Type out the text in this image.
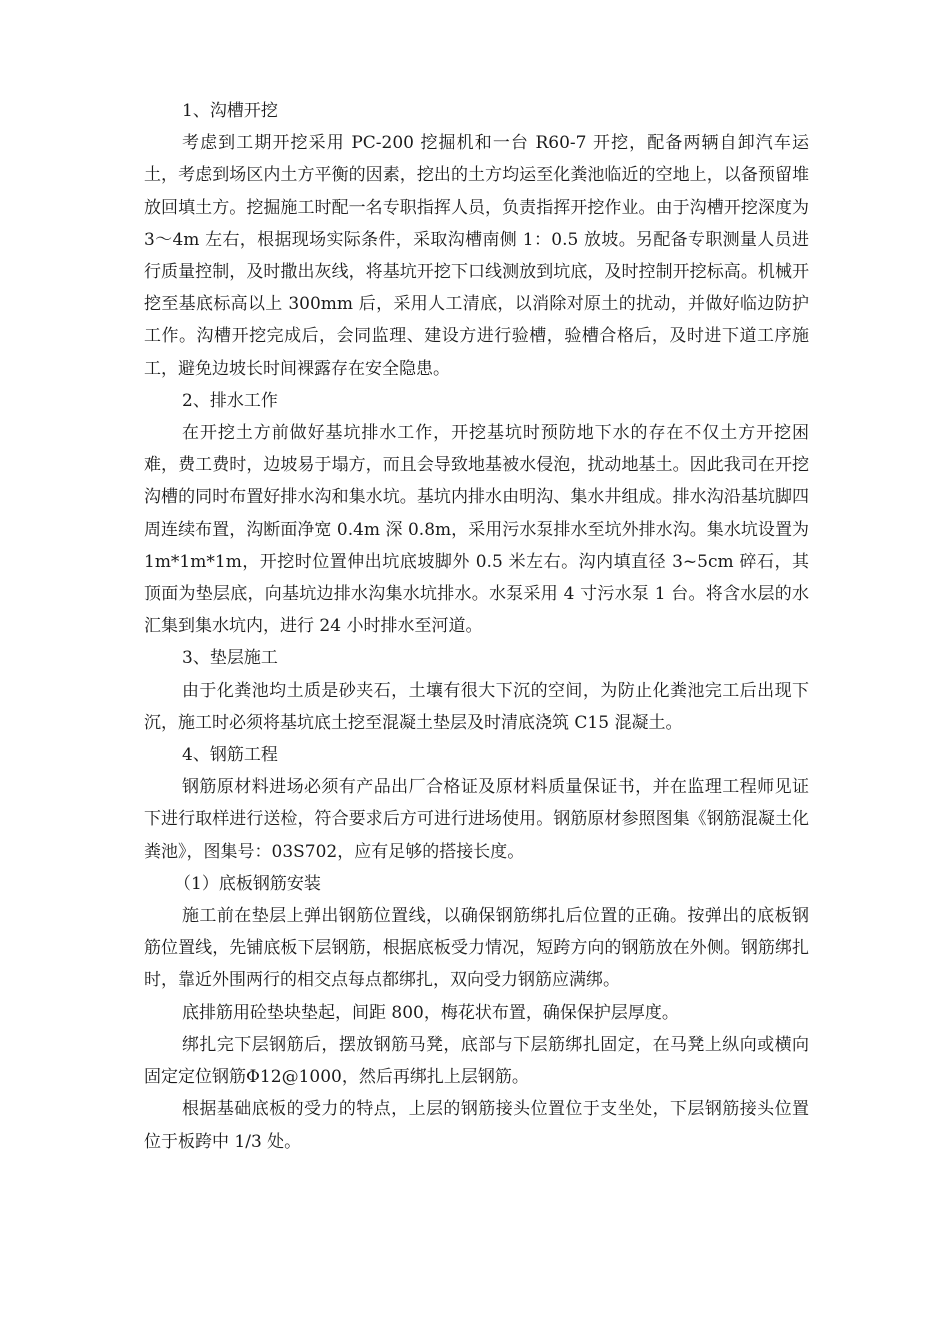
1、沟槽开挖

考虑到工期开挖采用 PC-200 挖掘机和一台 R60-7 开挖，配备两辆自卸汽车运土，考虑到场区内土方平衡的因素，挖出的土方均运至化粪池临近的空地上，以备预留堆放回填土方。挖掘施工时配一名专职指挥人员，负责指挥开挖作业。由于沟槽开挖深度为 3～4m 左右，根据现场实际条件，采取沟槽南侧 1：0.5 放坡。另配备专职测量人员进行质量控制，及时撒出灰线，将基坑开挖下口线测放到坑底，及时控制开挖标高。机械开挖至基底标高以上 300mm 后，采用人工清底，以消除对原土的扰动，并做好临边防护工作。沟槽开挖完成后，会同监理、建设方进行验槽，验槽合格后，及时进下道工序施工，避免边坡长时间裸露存在安全隐患。

2、排水工作

在开挖土方前做好基坑排水工作，开挖基坑时预防地下水的存在不仅土方开挖困难，费工费时，边坡易于塌方，而且会导致地基被水侵泡，扰动地基土。因此我司在开挖沟槽的同时布置好排水沟和集水坑。基坑内排水由明沟、集水井组成。排水沟沿基坑脚四周连续布置，沟断面净宽 0.4m 深 0.8m，采用污水泵排水至坑外排水沟。集水坑设置为 1m*1m*1m，开挖时位置伸出坑底坡脚外 0.5 米左右。沟内填直径 3~5cm 碎石，其顶面为垫层底，向基坑边排水沟集水坑排水。水泵采用 4 寸污水泵 1 台。将含水层的水汇集到集水坑内，进行 24 小时排水至河道。

3、垫层施工

由于化粪池均土质是砂夹石，土壤有很大下沉的空间，为防止化粪池完工后出现下沉，施工时必须将基坑底土挖至混凝土垫层及时清底浇筑 C15 混凝土。

4、钢筋工程

钢筋原材料进场必须有产品出厂合格证及原材料质量保证书，并在监理工程师见证下进行取样进行送检，符合要求后方可进行进场使用。钢筋原材参照图集《钢筋混凝土化粪池》，图集号：03S702，应有足够的搭接长度。

（1）底板钢筋安装

施工前在垫层上弹出钢筋位置线，以确保钢筋绑扎后位置的正确。按弹出的底板钢筋位置线，先铺底板下层钢筋，根据底板受力情况，短跨方向的钢筋放在外侧。钢筋绑扎时，靠近外围两行的相交点每点都绑扎，双向受力钢筋应满绑。

底排筋用砼垫块垫起，间距 800，梅花状布置，确保保护层厚度。

绑扎完下层钢筋后，摆放钢筋马凳，底部与下层筋绑扎固定，在马凳上纵向或横向固定定位钢筋Φ12@1000，然后再绑扎上层钢筋。

根据基础底板的受力的特点，上层的钢筋接头位置位于支坐处，下层钢筋接头位置位于板跨中 1/3 处。
